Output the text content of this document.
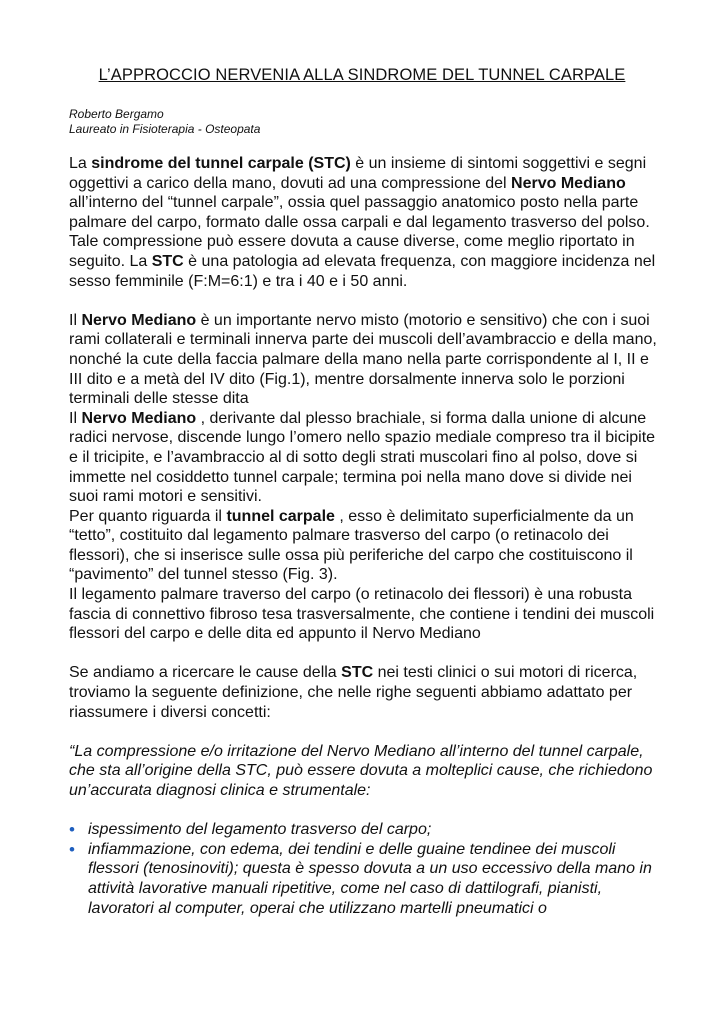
L’APPROCCIO NERVENIA ALLA SINDROME DEL TUNNEL CARPALE
Roberto Bergamo
Laureato in Fisioterapia - Osteopata

La sindrome del tunnel carpale (STC) è un insieme di sintomi soggettivi e segni oggettivi a carico della mano, dovuti ad una compressione del Nervo Mediano all’interno del “tunnel carpale”, ossia quel passaggio anatomico posto nella parte palmare del carpo, formato dalle ossa carpali e dal legamento trasverso del polso. Tale compressione può essere dovuta a cause diverse, come meglio riportato in seguito. La STC è una patologia ad elevata frequenza, con maggiore incidenza nel sesso femminile (F:M=6:1) e tra i 40 e i 50 anni.

Il Nervo Mediano è un importante nervo misto (motorio e sensitivo) che con i suoi rami collaterali e terminali innerva parte dei muscoli dell’avambraccio e della mano, nonché la cute della faccia palmare della mano nella parte corrispondente al I, II e III dito e a metà del IV dito (Fig.1), mentre dorsalmente innerva solo le porzioni terminali delle stesse dita

Il Nervo Mediano , derivante dal plesso brachiale, si forma dalla unione di alcune radici nervose, discende lungo l’omero nello spazio mediale compreso tra il bicipite e il tricipite, e l’avambraccio al di sotto degli strati muscolari fino al polso, dove si immette nel cosiddetto tunnel carpale; termina poi nella mano dove si divide nei suoi rami motori e sensitivi.

Per quanto riguarda il tunnel carpale , esso è delimitato superficialmente da un “tetto”, costituito dal legamento palmare trasverso del carpo (o retinacolo dei flessori), che si inserisce sulle ossa più periferiche del carpo che costituiscono il “pavimento” del tunnel stesso (Fig. 3).

Il legamento palmare traverso del carpo (o retinacolo dei flessori) è una robusta fascia di connettivo fibroso tesa trasversalmente, che contiene i tendini dei muscoli flessori del carpo e delle dita ed appunto il Nervo Mediano

Se andiamo a ricercare le cause della STC nei testi clinici o sui motori di ricerca, troviamo la seguente definizione, che nelle righe seguenti abbiamo adattato per riassumere i diversi concetti:

“La compressione e/o irritazione del Nervo Mediano all’interno del tunnel carpale, che sta all’origine della STC, può essere dovuta a molteplici cause, che richiedono un’accurata diagnosi clinica e strumentale:

• ispessimento del legamento trasverso del carpo;
• infiammazione, con edema, dei tendini e delle guaine tendinee dei muscoli flessori (tenosinoviti); questa è spesso dovuta a un uso eccessivo della mano in attività lavorative manuali ripetitive, come nel caso di dattilografi, pianisti, lavoratori al computer, operai che utilizzano martelli pneumatici o
